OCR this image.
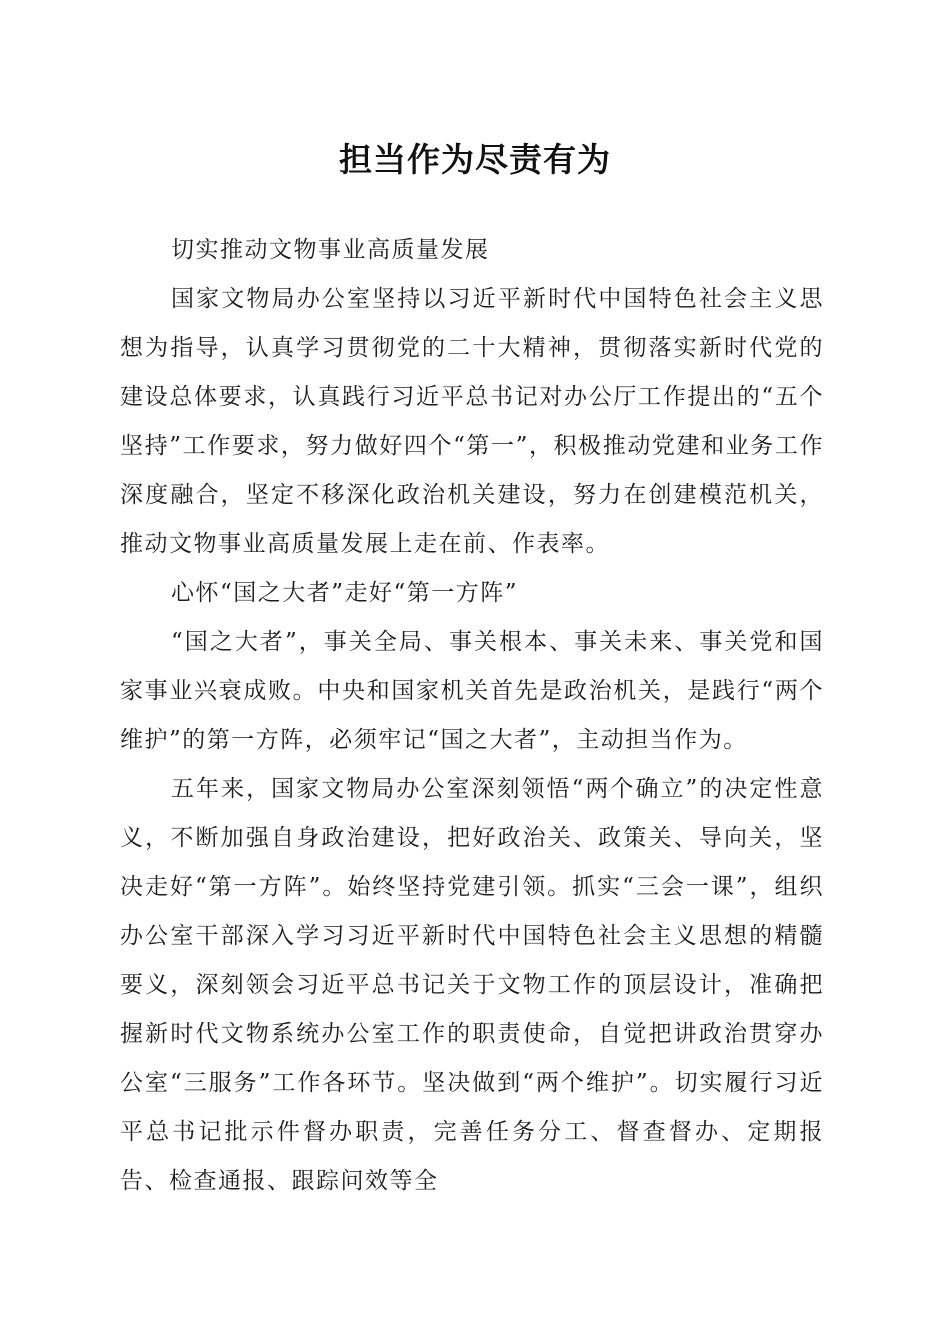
担当作为尽责有为

切实推动文物事业高质量发展

国家文物局办公室坚持以习近平新时代中国特色社会主义思想为指导，认真学习贯彻党的二十大精神，贯彻落实新时代党的建设总体要求，认真践行习近平总书记对办公厅工作提出的“五个坚持”工作要求，努力做好四个“第一”，积极推动党建和业务工作深度融合，坚定不移深化政治机关建设，努力在创建模范机关，推动文物事业高质量发展上走在前、作表率。

心怀“国之大者”走好“第一方阵”

“国之大者”，事关全局、事关根本、事关未来、事关党和国家事业兴衰成败。中央和国家机关首先是政治机关，是践行“两个维护”的第一方阵，必须牢记“国之大者”，主动担当作为。

五年来，国家文物局办公室深刻领悟“两个确立”的决定性意义，不断加强自身政治建设，把好政治关、政策关、导向关，坚决走好“第一方阵”。始终坚持党建引领。抓实“三会一课”，组织办公室干部深入学习习近平新时代中国特色社会主义思想的精髓要义，深刻领会习近平总书记关于文物工作的顶层设计，准确把握新时代文物系统办公室工作的职责使命，自觉把讲政治贯穿办公室“三服务”工作各环节。坚决做到“两个维护”。切实履行习近平总书记批示件督办职责，完善任务分工、督查督办、定期报告、检查通报、跟踪问效等全
